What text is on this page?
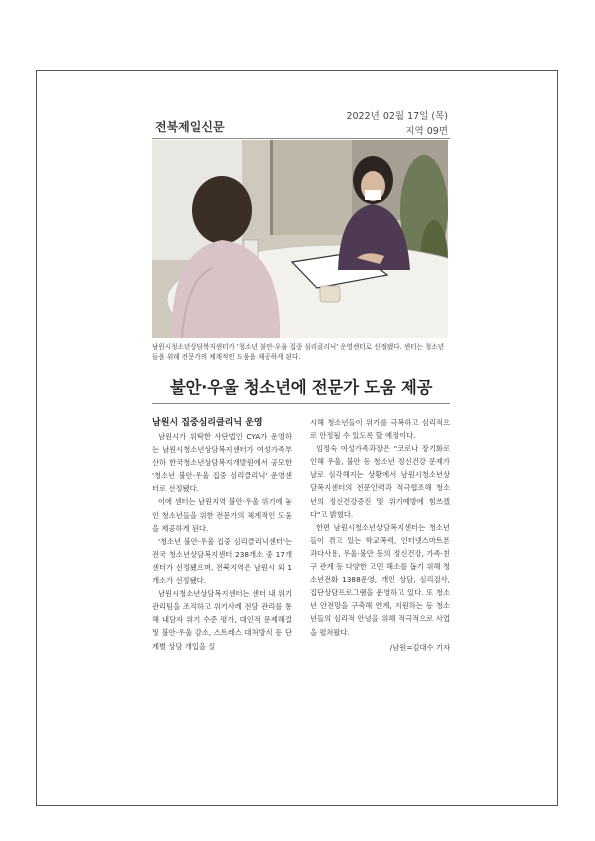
전북제일신문
2022년 02월 17일 (목)
지역 09면
남원시청소년상담복지센터가 '청소년 불안·우울 집중 심리클리닉' 운영센터로 선정됐다. 센터는 청소년들을 위해 전문가의 체계적인 도움을 제공하게 된다.
불안·우울 청소년에 전문가 도움 제공

남원시 집중심리클리닉 운영

남원시가 위탁한 사단법인 CYA가 운영하는 남원시청소년상담복지센터가 여성가족부 산하 한국청소년상담복지개발원에서 공모한 '청소년 불안·우울 집중 심리클리닉' 운영센터로 선정됐다.

이에 센터는 남원지역 불안·우울 위기에 놓인 청소년들을 위한 전문가의 체계적인 도움을 제공하게 된다.

'청소년 불안·우울 집중 심리클리닉센터'는 전국 청소년상담복지센터 238개소 중 17개 센터가 선정됐으며, 전북지역은 남원시 외 1개소가 선정됐다.

남원시청소년상담복지센터는 센터 내 위기관리팀을 조직하고 위기사례 전담 관리를 통해 내담자 위기 수준 평가, 대인적 문제해결 및 불안·우울 감소, 스트레스 대처방식 등 단계별 상담 개입을 실

시해 청소년들이 위기를 극복하고 심리적으로 안정될 수 있도록 할 예정이다.

임정숙 여성가족과장은 "코로나 장기화로 인해 우울, 불안 등 청소년 정신건강 문제가 날로 심각해지는 상황에서 남원시청소년상담복지센터의 전문인력과 적극협조해 청소년의 정신건강증진 및 위기예방에 힘쓰겠다"고 밝혔다.

한편 남원시청소년상담복지센터는 청소년들이 겪고 있는 학교폭력, 인터넷스마트폰 과다사용, 우울·불안 등의 정신건강, 가족·친구 관계 등 다양한 고민 해소를 돕기 위해 청소년전화 1388운영, 개인 상담, 심리검사, 집단상담프로그램을 운영하고 있다. 또 청소년 안전망을 구축해 연계, 지원하는 등 청소년들의 심리적 안녕을 위해 적극적으로 사업을 펼쳐왔다.

/남원=김대수 기자
